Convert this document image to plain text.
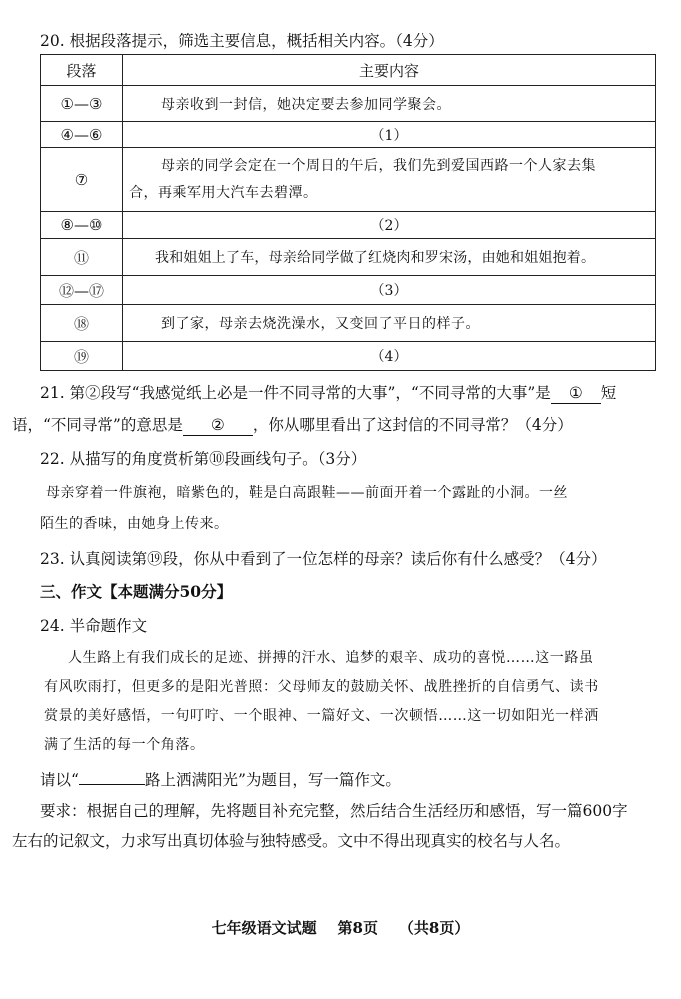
20. 根据段落提示，筛选主要信息，概括相关内容。（4分）
段落	主要内容
①—③	母亲收到一封信，她决定要去参加同学聚会。
④—⑥	（1）
⑦	母亲的同学会定在一个周日的午后，我们先到爱国西路一个人家去集
合，再乘军用大汽车去碧潭。

⑧—⑩	（2）
⑪	我和姐姐上了车，母亲给同学做了红烧肉和罗宋汤，由她和姐姐抱着。
⑫—⑰	（3）
⑱	到了家，母亲去烧洗澡水，又变回了平日的样子。
⑲	（4）
21. 第②段写“我感觉纸上必是一件不同寻常的大事”，“不同寻常的大事”是 ① 短
语，“不同寻常”的意思是 ② ，你从哪里看出了这封信的不同寻常？（4分）
22. 从描写的角度赏析第⑩段画线句子。（3分）
母亲穿着一件旗袍，暗紫色的，鞋是白高跟鞋——前面开着一个露趾的小洞。一丝
陌生的香味，由她身上传来。
23. 认真阅读第⑲段，你从中看到了一位怎样的母亲？读后你有什么感受？（4分）
三、作文【本题满分50分】
24. 半命题作文
人生路上有我们成长的足迹、拼搏的汗水、追梦的艰辛、成功的喜悦……这一路虽
有风吹雨打，但更多的是阳光普照：父母师友的鼓励关怀、战胜挫折的自信勇气、读书
赏景的美好感悟，一句叮咛、一个眼神、一篇好文、一次顿悟……这一切如阳光一样洒
满了生活的每一个角落。
请以“	路上洒满阳光”为题目，写一篇作文。
要求：根据自己的理解，先将题目补充完整，然后结合生活经历和感悟，写一篇600字
左右的记叙文，力求写出真切体验与独特感受。文中不得出现真实的校名与人名。
七年级语文试题    第8页    （共8页）
